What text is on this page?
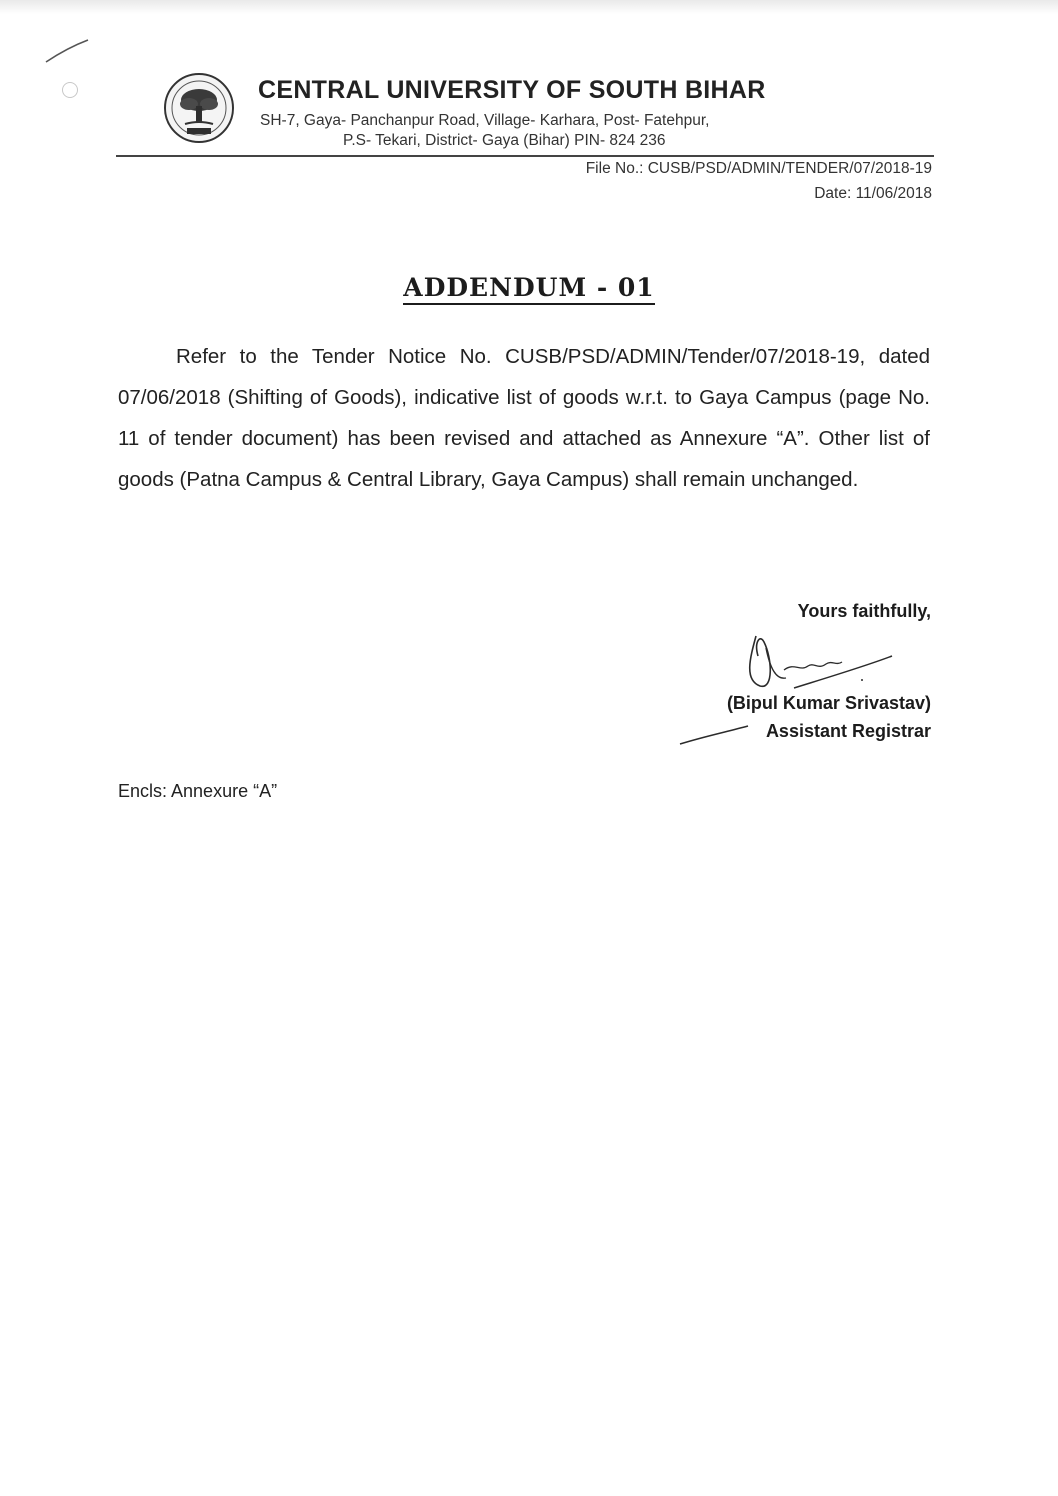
CENTRAL UNIVERSITY OF SOUTH BIHAR
SH-7, Gaya- Panchanpur Road, Village- Karhara, Post- Fatehpur,
P.S- Tekari, District- Gaya (Bihar) PIN- 824 236
File No.: CUSB/PSD/ADMIN/TENDER/07/2018-19
Date: 11/06/2018
ADDENDUM - 01

Refer to the Tender Notice No. CUSB/PSD/ADMIN/Tender/07/2018-19, dated 07/06/2018 (Shifting of Goods), indicative list of goods w.r.t. to Gaya Campus (page No. 11 of tender document) has been revised and attached as Annexure “A”. Other list of goods (Patna Campus & Central Library, Gaya Campus) shall remain unchanged.

Yours faithfully,
(Bipul Kumar Srivastav)
Assistant Registrar
Encls: Annexure “A”
